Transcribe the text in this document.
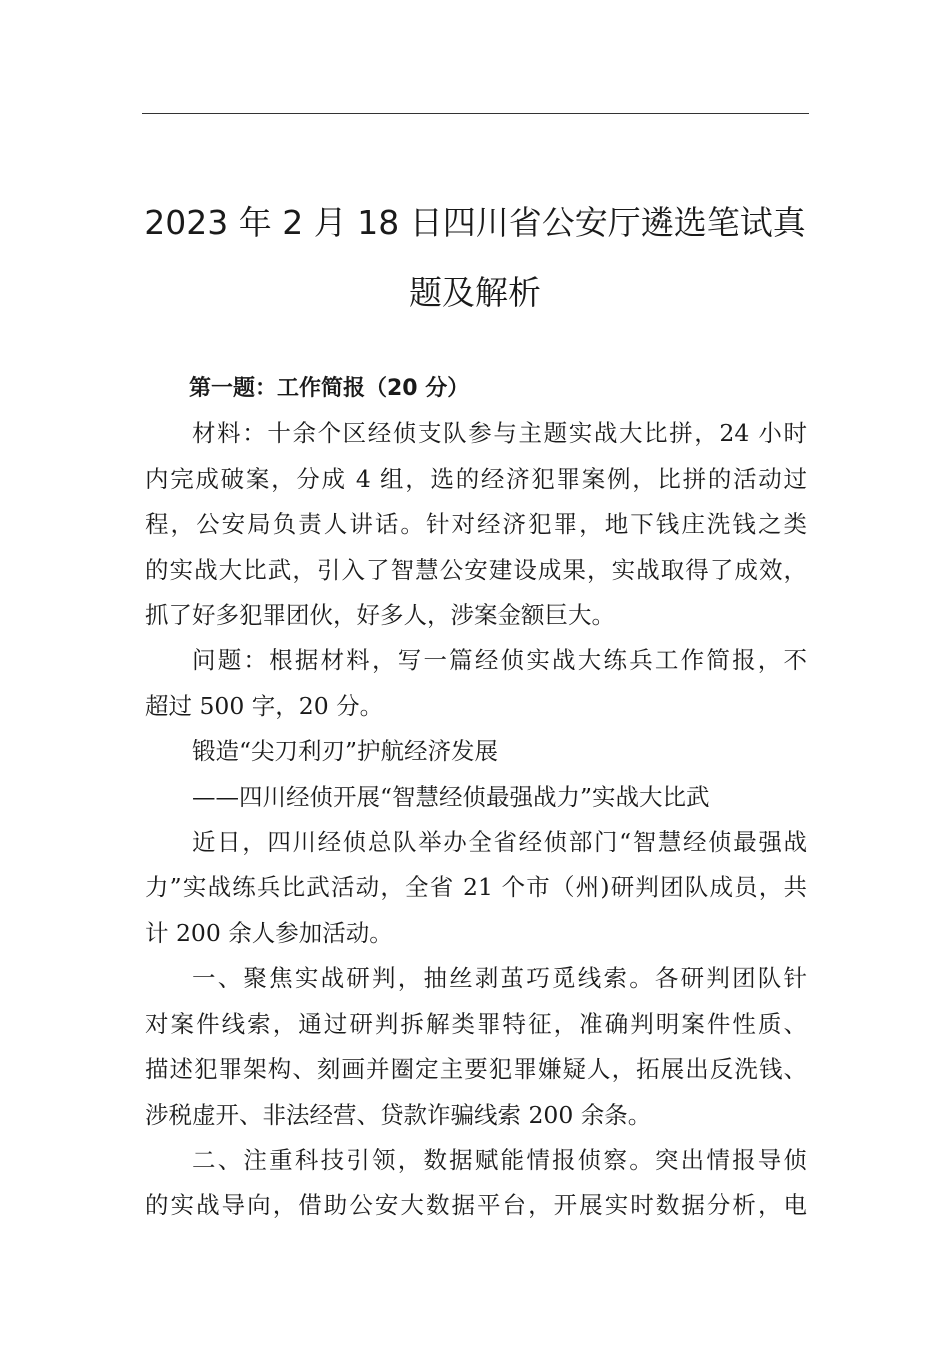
2023 年 2 月 18 日四川省公安厅遴选笔试真
题及解析

第一题：工作简报（20 分）

材料：十余个区经侦支队参与主题实战大比拼，24 小时
内完成破案，分成 4 组，选的经济犯罪案例，比拼的活动过
程，公安局负责人讲话。针对经济犯罪，地下钱庄洗钱之类
的实战大比武，引入了智慧公安建设成果，实战取得了成效，
抓了好多犯罪团伙，好多人，涉案金额巨大。

问题：根据材料，写一篇经侦实战大练兵工作简报，不
超过 500 字，20 分。

锻造“尖刀利刃”护航经济发展

——四川经侦开展“智慧经侦最强战力”实战大比武

近日，四川经侦总队举办全省经侦部门“智慧经侦最强战
力”实战练兵比武活动，全省 21 个市（州)研判团队成员，共
计 200 余人参加活动。

一、聚焦实战研判，抽丝剥茧巧觅线索。各研判团队针
对案件线索，通过研判拆解类罪特征，准确判明案件性质、
描述犯罪架构、刻画并圈定主要犯罪嫌疑人，拓展出反洗钱、
涉税虚开、非法经营、贷款诈骗线索 200 余条。

二、注重科技引领，数据赋能情报侦察。突出情报导侦
的实战导向，借助公安大数据平台，开展实时数据分析，电
